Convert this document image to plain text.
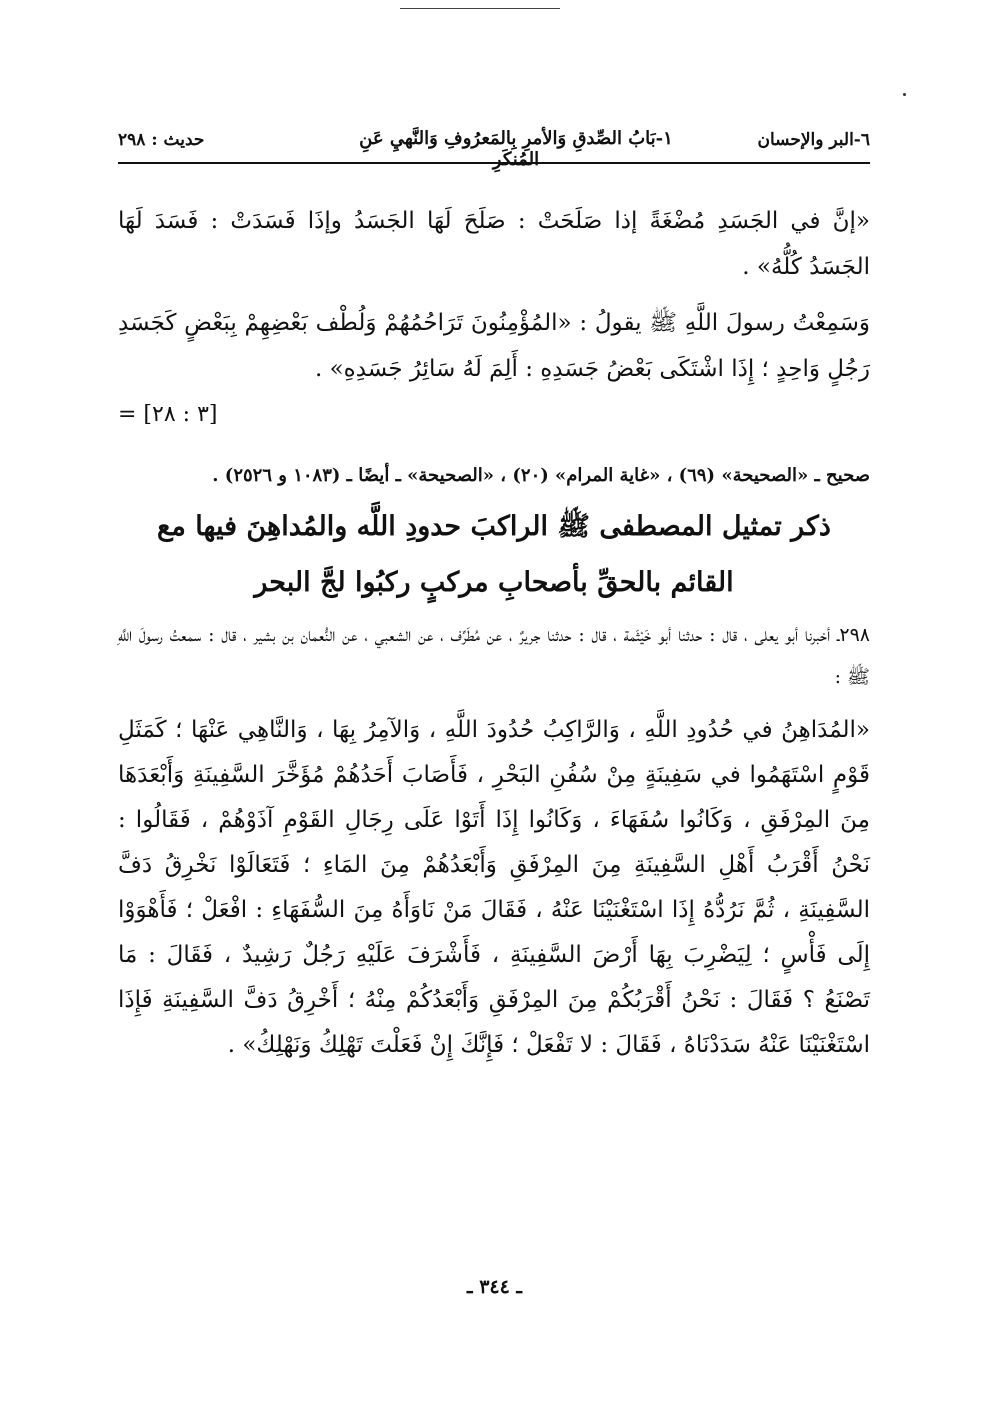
٦-البر والإحسان
١-بَابُ الصِّدقِ وَالأمرِ بِالمَعرُوفِ وَالنَّهيِ عَنِ المُنكَرِ
حديث : ٢٩٨

«إنَّ في الجَسَدِ مُضْغَةً إذا صَلَحَتْ : صَلَحَ لَهَا الجَسَدُ وإذَا فَسَدَتْ : فَسَدَ لَهَا الجَسَدُ كُلُّهُ» .

وَسَمِعْتُ رسولَ اللَّهِ ﷺ يقولُ : «المُؤْمِنُونَ تَرَاحُمُهُمْ وَلُطْف بَعْضِهِمْ بِبَعْضٍ كَجَسَدِ رَجُلٍ وَاحِدٍ ؛ إِذَا اشْتَكَى بَعْضُ جَسَدِهِ : أَلِمَ لَهُ سَائِرُ جَسَدِهِ» .

= [٣ : ٢٨]

صحيح ـ «الصحيحة» (٦٩) ، «غاية المرام» (٢٠) ، «الصحيحة» ـ أيضًا ـ (١٠٨٣ و ٢٥٢٦) .

ذكر تمثيل المصطفى ﷺ الراكبَ حدودِ اللَّه والمُداهِنَ فيها مع

القائم بالحقِّ بأصحابِ مركبٍ ركبُوا لجَّ البحر

٢٩٨ـ أخبرنا أبو يعلى ، قال : حدثنا أبو خَيْثَمة ، قال : حدثنا جريرٌ ، عن مُطَرِّف ، عن الشعبي ، عن النُّعمان بن بشير ، قال : سمعتُ رسولَ اللَّهِ ﷺ :

«المُدَاهِنُ في حُدُودِ اللَّهِ ، وَالرَّاكِبُ حُدُودَ اللَّهِ ، وَالآمِرُ بِهَا ، وَالنَّاهِي عَنْهَا ؛ كَمَثَلِ قَوْمٍ اسْتَهَمُوا في سَفِينَةٍ مِنْ سُفُنِ البَحْرِ ، فَأَصَابَ أَحَدُهُمْ مُؤَخَّرَ السَّفِينَةِ وَأَبْعَدَهَا مِنَ المِرْفَقِ ، وَكَانُوا سُفَهَاءَ ، وَكَانُوا إِذَا أَتَوْا عَلَى رِجَالِ القَوْمِ آذَوْهُمْ ، فَقَالُوا : نَحْنُ أَقْرَبُ أَهْلِ السَّفِينَةِ مِنَ المِرْفَقِ وَأَبْعَدُهُمْ مِنَ المَاءِ ؛ فَتَعَالَوْا نَخْرِقُ دَفَّ السَّفِينَةِ ، ثُمَّ نَرُدُّهُ إِذَا اسْتَغْنَيْنَا عَنْهُ ، فَقَالَ مَنْ نَاوَأَهُ مِنَ السُّفَهَاءِ : افْعَلْ ؛ فَأَهْوَوْا إِلَى فَأْسٍ ؛ لِيَضْرِبَ بِهَا أَرْضَ السَّفِينَةِ ، فَأَشْرَفَ عَلَيْهِ رَجُلٌ رَشِيدٌ ، فَقَالَ : مَا تَصْنَعُ ؟ فَقَالَ : نَحْنُ أَقْرَبُكُمْ مِنَ المِرْفَقِ وَأَبْعَدُكُمْ مِنْهُ ؛ أَخْرِقُ دَفَّ السَّفِينَةِ فَإِذَا اسْتَغْنَيْنَا عَنْهُ سَدَدْنَاهُ ، فَقَالَ : لا تَفْعَلْ ؛ فَإِنَّكَ إِنْ فَعَلْتَ تَهْلِكُ وَنَهْلِكُ» .

ـ ٣٤٤ ـ
